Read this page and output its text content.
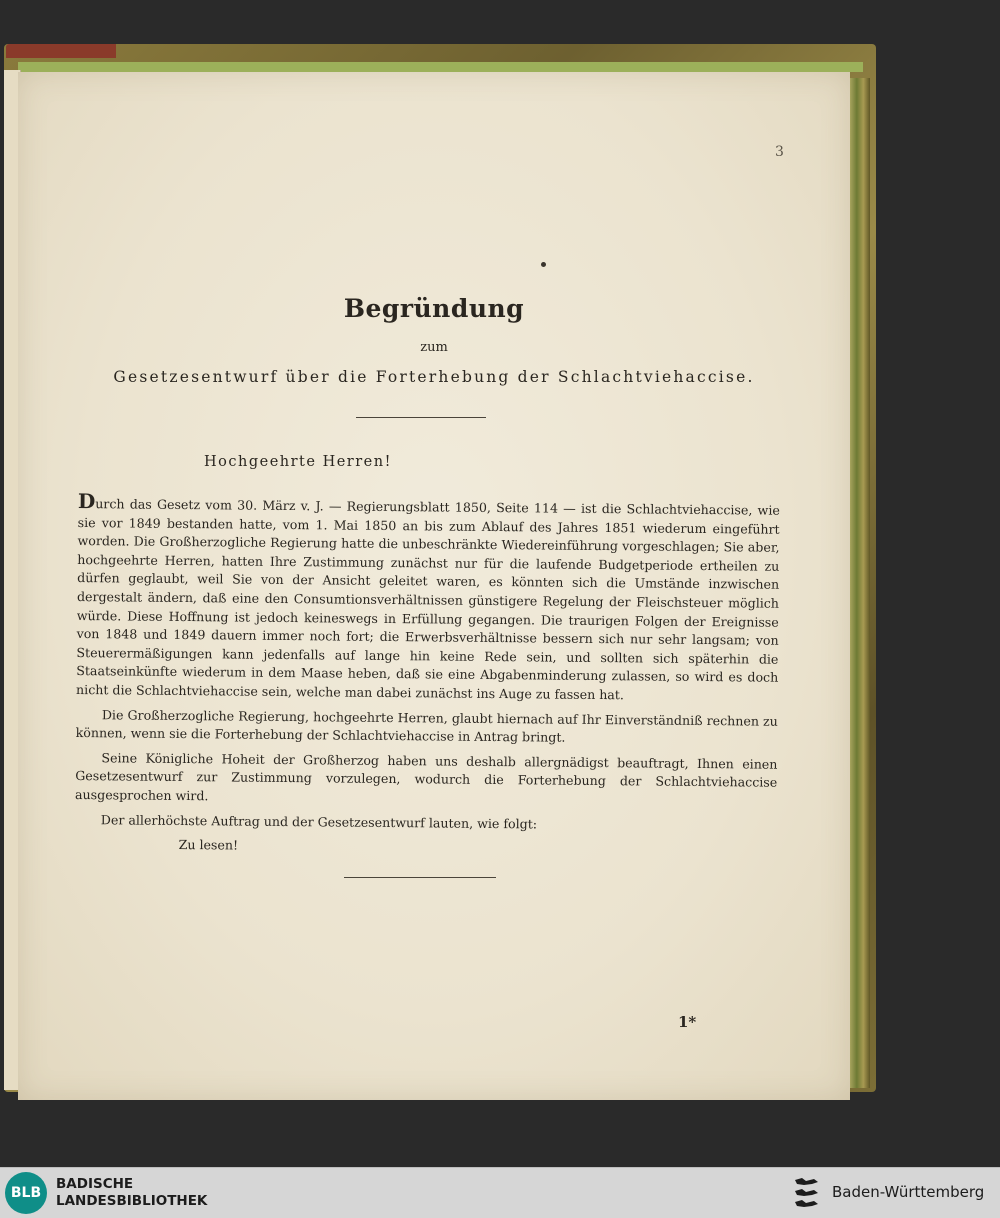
3
Begründung
zum
Gesetzesentwurf über die Forterhebung der Schlachtviehaccise.
Hochgeehrte Herren!

Durch das Gesetz vom 30. März v. J. — Regierungsblatt 1850, Seite 114 — ist die Schlachtviehaccise, wie sie vor 1849 bestanden hatte, vom 1. Mai 1850 an bis zum Ablauf des Jahres 1851 wiederum eingeführt worden. Die Großherzogliche Regierung hatte die unbeschränkte Wiedereinführung vorgeschlagen; Sie aber, hochgeehrte Herren, hatten Ihre Zustimmung zunächst nur für die laufende Budgetperiode ertheilen zu dürfen geglaubt, weil Sie von der Ansicht geleitet waren, es könnten sich die Umstände inzwischen dergestalt ändern, daß eine den Consumtionsverhältnissen günstigere Regelung der Fleischsteuer möglich würde. Diese Hoffnung ist jedoch keineswegs in Erfüllung gegangen. Die traurigen Folgen der Ereignisse von 1848 und 1849 dauern immer noch fort; die Erwerbsverhältnisse bessern sich nur sehr langsam; von Steuerermäßigungen kann jedenfalls auf lange hin keine Rede sein, und sollten sich späterhin die Staatseinkünfte wiederum in dem Maase heben, daß sie eine Abgabenminderung zulassen, so wird es doch nicht die Schlachtviehaccise sein, welche man dabei zunächst ins Auge zu fassen hat.

Die Großherzogliche Regierung, hochgeehrte Herren, glaubt hiernach auf Ihr Einverständniß rechnen zu können, wenn sie die Forterhebung der Schlachtviehaccise in Antrag bringt.

Seine Königliche Hoheit der Großherzog haben uns deshalb allergnädigst beauftragt, Ihnen einen Gesetzesentwurf zur Zustimmung vorzulegen, wodurch die Forterhebung der Schlachtviehaccise ausgesprochen wird.

Der allerhöchste Auftrag und der Gesetzesentwurf lauten, wie folgt:

Zu lesen!
1*
BLB
BADISCHE
LANDESBIBLIOTHEK	Baden-Württemberg
